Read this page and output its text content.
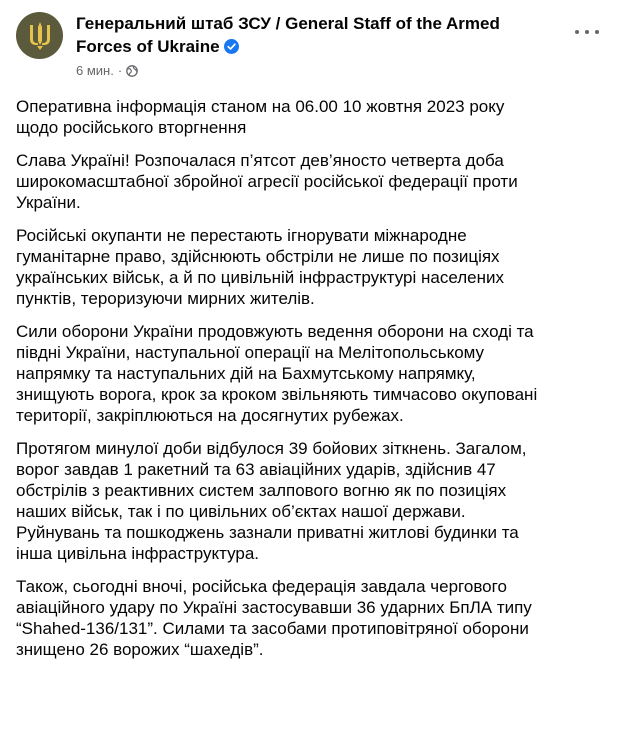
Генеральний штаб ЗСУ / General Staff of the Armed Forces of Ukraine
6 мин. ·

Оперативна інформація станом на 06.00 10 жовтня 2023 року
щодо російського вторгнення

Слава Україні! Розпочалася п’ятсот дев’яносто четверта доба
широкомасштабної збройної агресії російської федерації проти
України.

Російські окупанти не перестають ігнорувати міжнародне
гуманітарне право, здійснюють обстріли не лише по позиціях
українських військ, а й по цивільній інфраструктурі населених
пунктів, тероризуючи мирних жителів.

Сили оборони України продовжують ведення оборони на сході та
півдні України, наступальної операції на Мелітопольському
напрямку та наступальних дій на Бахмутському напрямку,
знищують ворога, крок за кроком звільняють тимчасово окуповані
території, закріплюються на досягнутих рубежах.

Протягом минулої доби відбулося 39 бойових зіткнень. Загалом,
ворог завдав 1 ракетний та 63 авіаційних ударів, здійснив 47
обстрілів з реактивних систем залпового вогню як по позиціях
наших військ, так і по цивільних об’єктах нашої держави.
Руйнувань та пошкоджень зазнали приватні житлові будинки та
інша цивільна інфраструктура.

Також, сьогодні вночі, російська федерація завдала чергового
авіаційного удару по Україні застосувавши 36 ударних БпЛА типу
“Shahed-136/131”. Силами та засобами протиповітряної оборони
знищено 26 ворожих “шахедів”.
